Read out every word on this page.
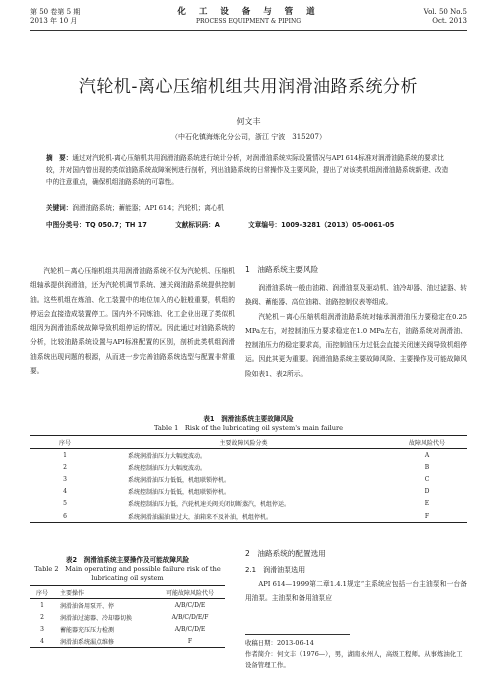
第 50 卷第 5 期
2013 年 10 月
化 工 设 备 与 管 道
PROCESS EQUIPMENT & PIPING
Vol. 50 No.5
Oct. 2013
汽轮机-离心压缩机组共用润滑油路系统分析
何文丰
（中石化镇海炼化分公司，浙江 宁波　315207）
摘　要：通过对汽轮机-离心压缩机共用润滑油路系统进行统计分析，对润滑油系统实际设置情况与API 614标准对润滑油路系统的要求比较，并对国内曾出现的类似油路系统故障案例进行剖析，列出油路系统的日常操作及主要风险，提出了对该类机组润滑油路系统新建、改造中的注意重点，确保机组油路系统的可靠性。
关键词：润滑油路系统；蓄能器；API 614；汽轮机；离心机
中图分类号：TQ 050.7；TH 17	文献标识码：A	文章编号：1009-3281（2013）05-0061-05

汽轮机－离心压缩机组共用润滑油路系统不仅为汽轮机、压缩机组轴承提供润滑油，还为汽轮机调节系统、速关阀油路系统提供控制油。这些机组在炼油、化工装置中的地位加入的心脏般重要，机组的停运会直接造成装置停工。国内外不同炼油、化工企业出现了类似机组因为润滑油系统故障导致机组停运的情况。因此通过对油路系统的分析，比较油路系统设置与API标准配置的区别，剖析此类机组润滑油系统出现问题的根源，从而进一步完善油路系统选型与配置非常重要。

1　油路系统主要风险

润滑油系统一般由油箱、润滑油泵及驱动机、油冷却器、油过滤器、转换阀、蓄能器、高位油箱、油路控制仪表等组成。

汽轮机－离心压缩机组润滑油路系统对轴承润滑油压力要稳定在0.25 MPa左右，对控制油压力要求稳定在1.0 MPa左右，油路系统对润滑油、控制油压力的稳定要求高，而控制油压力过低会直接关闭速关阀导致机组停运。因此其更为重要。润滑油路系统主要故障风险、主要操作及可能故障风险如表1、表2所示。

表1　润滑油系统主要故障风险
Table 1　Risk of the lubricating oil system's main failure
序号	主要故障风险分类	故障风险代号
1	系统润滑油压力大幅度波动。	A
2	系统控制油压力大幅度波动。	B
3	系统润滑油压力低低，机组联锁停机。	C
4	系统控制油压力低低，机组联锁停机。	D
5	系统控制油压力低，汽轮机速关阀关闭切断蒸汽，机组停运。	E
6	系统润滑油漏油量过大，油箱来不及补油，机组停机。	F
表2　润滑油系统主要操作及可能故障风险
Table 2　Main operating and possible failure risk of the
lubricating oil system
序号	主要操作	可能故障风险代号
1	润滑油备用泵开、停	A/B/C/D/E
2	润滑油过滤器、冷却器切换	A/B/C/D/E/F
3	蓄能器充压压力检测	A/B/C/D/E
4	润滑油系统漏点维修	F
2　油路系统的配置选用
2.1　润滑油泵选用

API 614—1999第二章1.4.1规定“主系统应包括一台主油泵和一台备用油泵。主油泵和备用油泵应

收稿日期：2013-06-14
作者简介：何文丰（1976—），男，湖南永州人，高级工程师。从事炼油化工设备管理工作。
